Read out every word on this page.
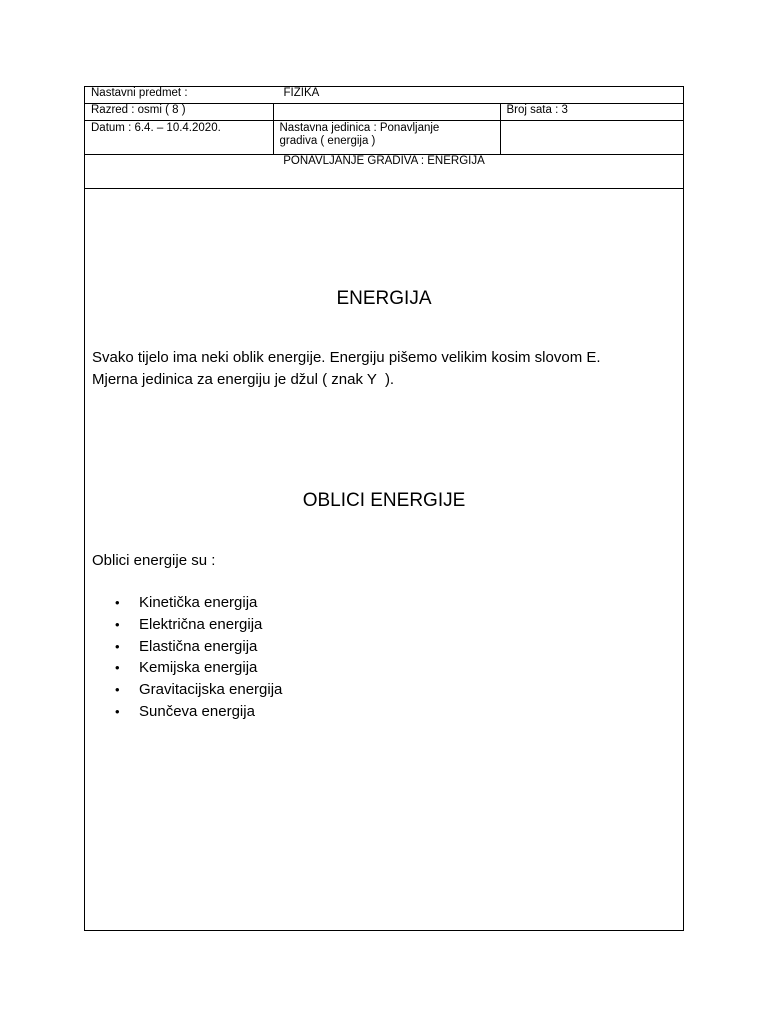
Nastavni predmet : FIZIKA		
Razred : osmi ( 8 )		Broj sata : 3
Datum : 6.4. – 10.4.2020.	Nastavna jedinica : Ponavljanje
gradiva ( energija )	

PONAVLJANJE GRADIVA : ENERGIJA		
ENERGIJA
Svako tijelo ima neki oblik energije. Energiju pišemo velikim kosim slovom E.
Mjerna jedinica za energiju je džul ( znak Y  ).
OBLICI ENERGIJE
Oblici energije su :
• Kinetička energija
• Električna energija
• Elastična energija
• Kemijska energija
• Gravitacijska energija
• Sunčeva energija
